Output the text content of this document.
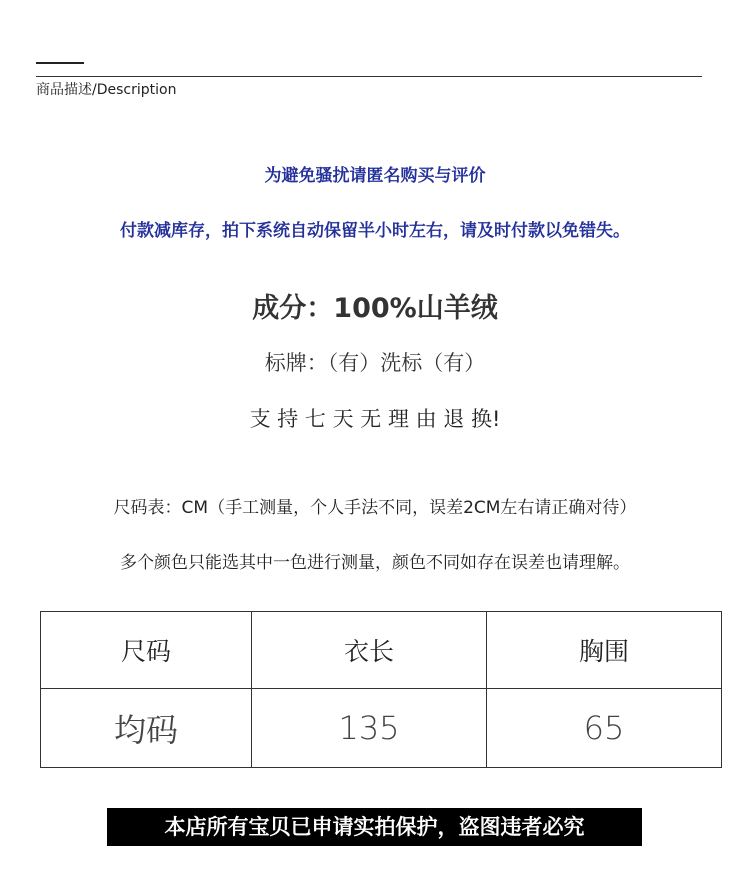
商品描述/Description
为避免骚扰请匿名购买与评价
付款减库存，拍下系统自动保留半小时左右，请及时付款以免错失。
成分：100%山羊绒
标牌：（有）洗标（有）
支 持 七 天 无 理 由 退 换!
尺码表：CM（手工测量，个人手法不同，误差2CM左右请正确对待）
多个颜色只能选其中一色进行测量，颜色不同如存在误差也请理解。
尺码	衣长	胸围
均码	135	65
本店所有宝贝已申请实拍保护，盗图违者必究
